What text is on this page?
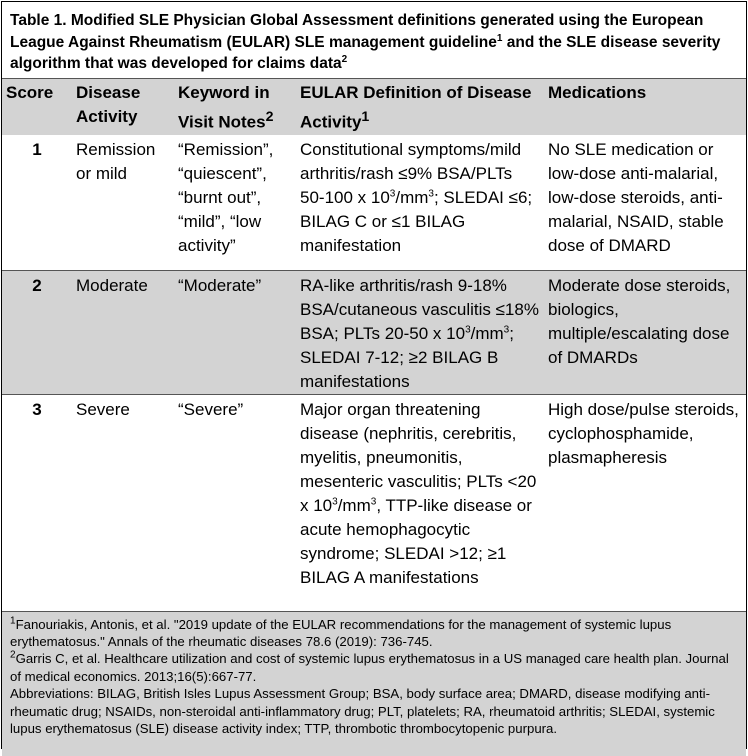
Table 1. Modified SLE Physician Global Assessment definitions generated using the European League Against Rheumatism (EULAR) SLE management guideline$^1$ and the SLE disease severity algorithm that was developed for claims data$^2$
Score	Disease Activity	Keyword in Visit Notes$^2$	EULAR Definition of Disease Activity$^1$	Medications
1	Remission or mild	“Remission”, “quiescent”, “burnt out”, “mild”, “low activity”	Constitutional symptoms/mild arthritis/rash ≤9% BSA/PLTs 50-100 x $10^3/mm^3$; SLEDAI ≤6; BILAG C or ≤1 BILAG manifestation	No SLE medication or low-dose anti-malarial, low-dose steroids, anti-malarial, NSAID, stable dose of DMARD
2	Moderate	“Moderate”	RA-like arthritis/rash 9-18% BSA/cutaneous vasculitis ≤18% BSA; PLTs 20-50 x $10^3/mm^3$; SLEDAI 7-12; ≥2 BILAG B manifestations	Moderate dose steroids, biologics, multiple/escalating dose of DMARDs
3	Severe	“Severe”	Major organ threatening disease (nephritis, cerebritis, myelitis, pneumonitis, mesenteric vasculitis; PLTs <20 x $10^3/mm^3$, TTP-like disease or acute hemophagocytic syndrome; SLEDAI >12; ≥1 BILAG A manifestations	High dose/pulse steroids, cyclophosphamide, plasmapheresis

$^1$Fanouriakis, Antonis, et al. "2019 update of the EULAR recommendations for the management of systemic lupus erythematosus." Annals of the rheumatic diseases 78.6 (2019): 736-745.

$^2$Garris C, et al. Healthcare utilization and cost of systemic lupus erythematosus in a US managed care health plan. Journal of medical economics. 2013;16(5):667-77.

Abbreviations: BILAG, British Isles Lupus Assessment Group; BSA, body surface area; DMARD, disease modifying anti-rheumatic drug; NSAIDs, non-steroidal anti-inflammatory drug; PLT, platelets; RA, rheumatoid arthritis; SLEDAI, systemic lupus erythematosus (SLE) disease activity index; TTP, thrombotic thrombocytopenic purpura.
